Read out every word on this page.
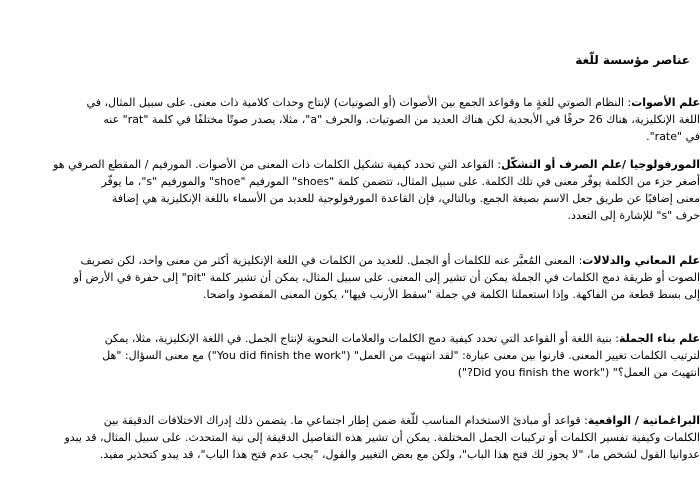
عناصر مؤسسة للّغة

علم الأصوات: النظام الصوتي للغةٍ ما وقواعد الجمع بين الأصوات (أو الصوتيات) لإنتاج وحدات كلامية ذات معنى. على سبيل المثال، في
اللغة الإنكليزية، هناك 26 حرفًا في الأبجدية لكن هناك العديد من الصوتيات. والحرف "a"، مثلا، يصدر صوتًا مختلفًا في كلمة "rat" عنه
في "rate".

المورفولوجيا /علم الصرف أو التشكّل: القواعد التي تحدد كيفية تشكيل الكلمات ذات المعنى من الأصوات. المورفيم / المقطع الصرفي هو
أصغر جزء من الكلمة يوفّر معنى في تلك الكلمة. على سبيل المثال، تتضمن كلمة "shoes" المورفيم "shoe" والمورفيم "s"، ما يوفّر
معنى إضافيًا عن طريق جعل الاسم بصيغة الجمع. وبالتالي، فإن القاعدة المورفولوجية للعديد من الأسماء باللغة الإنكليزية هي إضافة
حرف "s" للإشارة إلى التعدد.

علم المعاني والدلالات: المعنى المُعبَّر عنه للكلمات أو الجمل. للعديد من الكلمات في اللغة الإنكليزية أكثر من معنى واحد، لكن تصريف
الصوت أو طريقة دمج الكلمات في الجملة يمكن أن تشير إلى المعنى. على سبيل المثال، يمكن أن تشير كلمة "pit" إلى حفرة في الأرض أو
إلى بسط قطعة من الفاكهة. وإذا استعملنا الكلمة في جملة "سقط الأرنب فيها"، يكون المعنى المقصود واضحا.

علم بناء الجملة: بنية اللغة أو القواعد التي تحدد كيفية دمج الكلمات والعلامات النحوية لإنتاج الجمل. في اللغة الإنكليزية، مثلا، يمكن
لترتيب الكلمات تغيير المعنى. قارنوا بين معنى عبارة: "لقد انتهيتَ من العمل" ("You did finish the work") مع معنى السؤال: "هل
انتهيتَ من العمل؟" ("Did you finish the work?")

البراغماتية / الواقعية: قواعد أو مبادئ الاستخدام المناسب للّغة ضمن إطار اجتماعي ما. يتضمن ذلك إدراك الاختلافات الدقيقة بين
الكلمات وكيفية تفسير الكلمات أو تركيبات الجمل المختلفة. يمكن أن تشير هذه التفاصيل الدقيقة إلى نية المتحدث. على سبيل المثال، قد يبدو
عدوانيا القول لشخص ما، "لا يجوز لك فتح هذا الباب"، ولكن مع بعض التغيير والقول، "يجب عدم فتح هذا الباب"، قد يبدو كتحذير مفيد.
